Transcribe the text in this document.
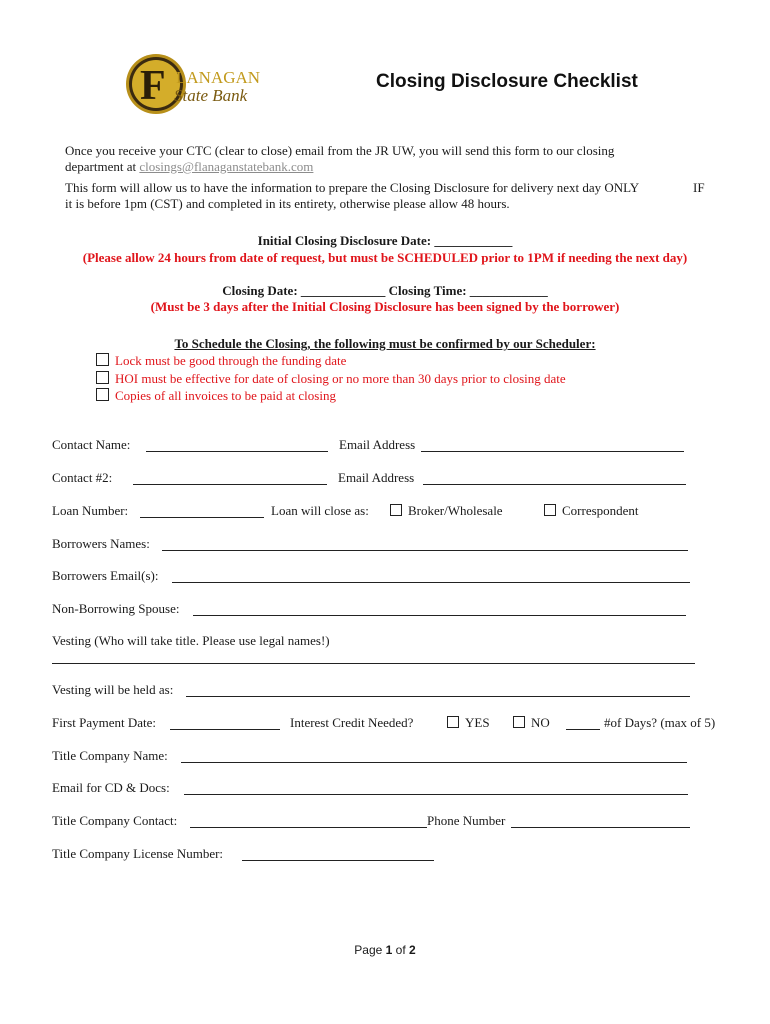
F LANAGAN
State Bank
Closing Disclosure Checklist
Once you receive your CTC (clear to close) email from the JR UW, you will send this form to our closing
department at closings@flanaganstatebank.com
This form will allow us to have the information to prepare the Closing Disclosure for delivery next day ONLY	IF
it is before 1pm (CST) and completed in its entirety, otherwise please allow 48 hours.
Initial Closing Disclosure Date: ____________
(Please allow 24 hours from date of request, but must be SCHEDULED prior to 1PM if needing the next day)
Closing Date: _____________ Closing Time: ____________
(Must be 3 days after the Initial Closing Disclosure has been signed by the borrower)
To Schedule the Closing, the following must be confirmed by our Scheduler:
Lock must be good through the funding date
HOI must be effective for date of closing or no more than 30 days prior to closing date
Copies of all invoices to be paid at closing
Contact Name:	Email Address
Contact #2:	Email Address
Loan Number:	Loan will close as:	Broker/Wholesale	Correspondent
Borrowers Names:
Borrowers Email(s):
Non-Borrowing Spouse:
Vesting (Who will take title. Please use legal names!)
Vesting will be held as:
First Payment Date:	Interest Credit Needed?	YES	NO	#of Days? (max of 5)
Title Company Name:
Email for CD & Docs:
Title Company Contact:	Phone Number
Title Company License Number:
Page 1 of 2
